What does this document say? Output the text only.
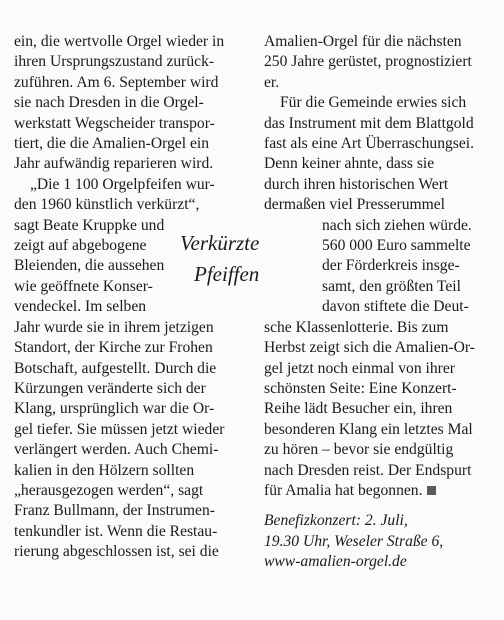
ein, die wertvolle Orgel wieder in
ihren Ursprungszustand zurück-
zuführen. Am 6. September wird
sie nach Dresden in die Orgel-
werkstatt Wegscheider transpor-
tiert, die die Amalien-Orgel ein
Jahr aufwändig reparieren wird.
„Die 1 100 Orgelpfeifen wur-
den 1960 künstlich verkürzt“,
sagt Beate Kruppke und
zeigt auf abgebogene
Bleienden, die aussehen
wie geöffnete Konser-
vendeckel. Im selben
Jahr wurde sie in ihrem jetzigen
Standort, der Kirche zur Frohen
Botschaft, aufgestellt. Durch die
Kürzungen veränderte sich der
Klang, ursprünglich war die Or-
gel tiefer. Sie müssen jetzt wieder
verlängert werden. Auch Chemi-
kalien in den Hölzern sollten
„herausgezogen werden“, sagt
Franz Bullmann, der Instrumen-
tenkundler ist. Wenn die Restau-
rierung abgeschlossen ist, sei die
Verkürzte
Pfeiffen
Amalien-Orgel für die nächsten
250 Jahre gerüstet, prognostiziert
er.
Für die Gemeinde erwies sich
das Instrument mit dem Blattgold
fast als eine Art Überraschungsei.
Denn keiner ahnte, dass sie
durch ihren historischen Wert
dermaßen viel Presserummel
nach sich ziehen würde.
560 000 Euro sammelte
der Förderkreis insge-
samt, den größten Teil
davon stiftete die Deut-
sche Klassenlotterie. Bis zum
Herbst zeigt sich die Amalien-Or-
gel jetzt noch einmal von ihrer
schönsten Seite: Eine Konzert-
Reihe lädt Besucher ein, ihren
besonderen Klang ein letztes Mal
zu hören – bevor sie endgültig
nach Dresden reist. Der Endspurt
für Amalia hat begonnen.
Benefizkonzert: 2. Juli,
19.30 Uhr, Weseler Straße 6,
www-amalien-orgel.de
